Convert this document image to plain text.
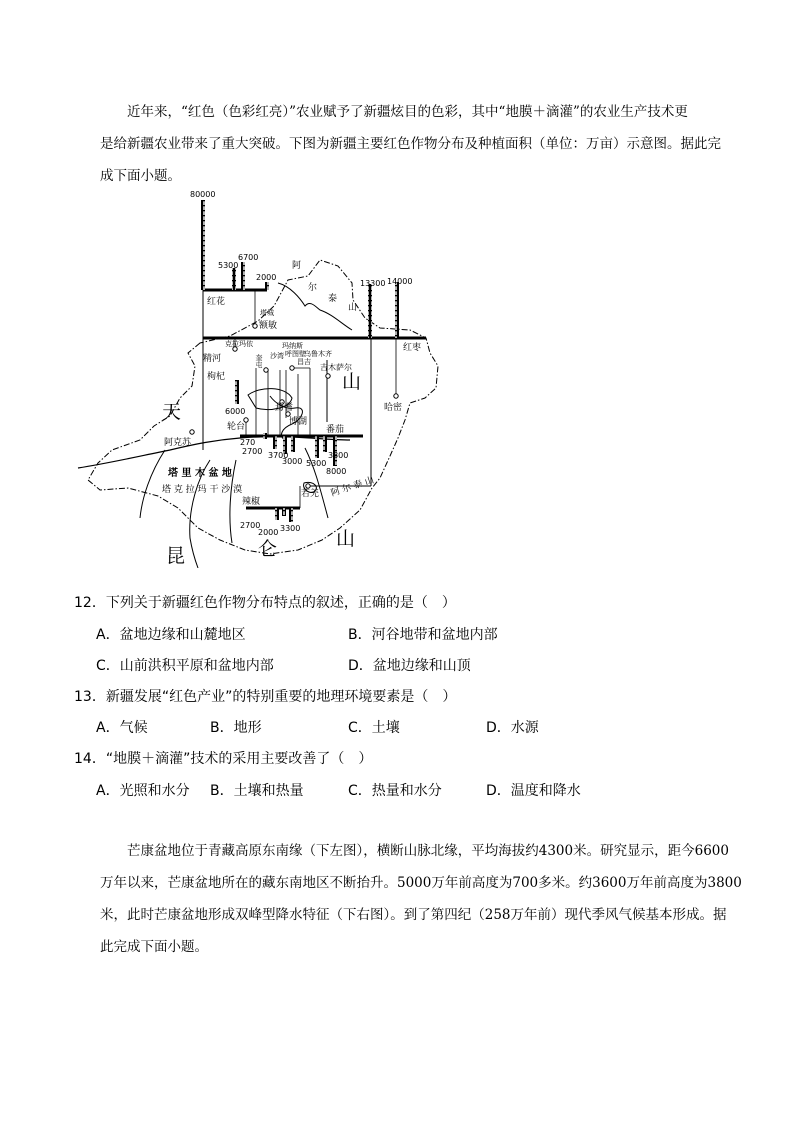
近年来，“红色（色彩红亮）”农业赋予了新疆炫目的色彩，其中“地膜＋滴灌”的农业生产技术更
是给新疆农业带来了重大突破。下图为新疆主要红色作物分布及种植面积（单位：万亩）示意图。据此完
成下面小题。
80000
5300
6700
2000
13300 14000
6000
270
2700 3700
3000 5300
3300
8000
2700
2000 3300
红花
红枣
枸杞
番茄
辣椒
额敏
塔城
克拉玛依
精河	奎屯 沙湾
玛纳斯
呼图壁
昌吉
乌鲁木齐
吉木萨尔
哈密
轮台
焉耆
博湖
阿克苏
若羌
阿
尔
泰
山
天
山
塔 里 木 盆 地
塔 克 拉 玛 干 沙 漠	阿 尔 泰 山
昆	仑	山
12．下列关于新疆红色作物分布特点的叙述，正确的是（　）
A．盆地边缘和山麓地区	B．河谷地带和盆地内部
C．山前洪积平原和盆地内部	D．盆地边缘和山顶
13．新疆发展“红色产业”的特别重要的地理环境要素是（　）
A．气候	B．地形	C．土壤	D．水源
14．“地膜＋滴灌”技术的采用主要改善了（　）
A．光照和水分 B．土壤和热量	C．热量和水分	D．温度和降水
芒康盆地位于青藏高原东南缘（下左图），横断山脉北缘，平均海拔约4300米。研究显示，距今6600
万年以来，芒康盆地所在的藏东南地区不断抬升。5000万年前高度为700多米。约3600万年前高度为3800
米，此时芒康盆地形成双峰型降水特征（下右图）。到了第四纪（258万年前）现代季风气候基本形成。据
此完成下面小题。
